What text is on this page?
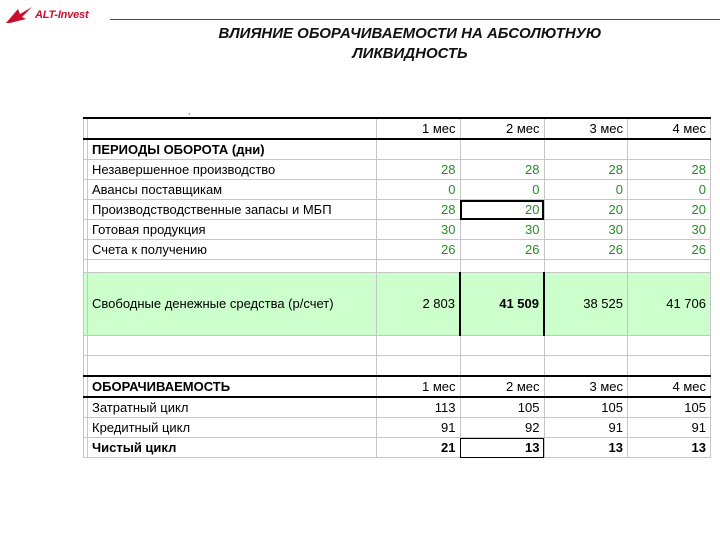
ALT-Invest
ВЛИЯНИЕ ОБОРАЧИВАЕМОСТИ НА АБСОЛЮТНУЮ
ЛИКВИДНОСТЬ
,
		1 мес	2 мес	3 мес	4 мес
	ПЕРИОДЫ ОБОРОТА (дни)				
	Незавершенное производство	28	28	28	28
	Авансы поставщикам	0	0	0	0
	Производстводственные запасы и МБП	28	20	20	20
	Готовая продукция	30	30	30	30
	Счета к получению	26	26	26	26

	Свободные денежные средства (р/счет)	2 803	41 509	38 525	41 706

	ОБОРАЧИВАЕМОСТЬ	1 мес	2 мес	3 мес	4 мес
	Затратный цикл	113	105	105	105
	Кредитный цикл	91	92	91	91
	Чистый цикл	21	13	13	13
